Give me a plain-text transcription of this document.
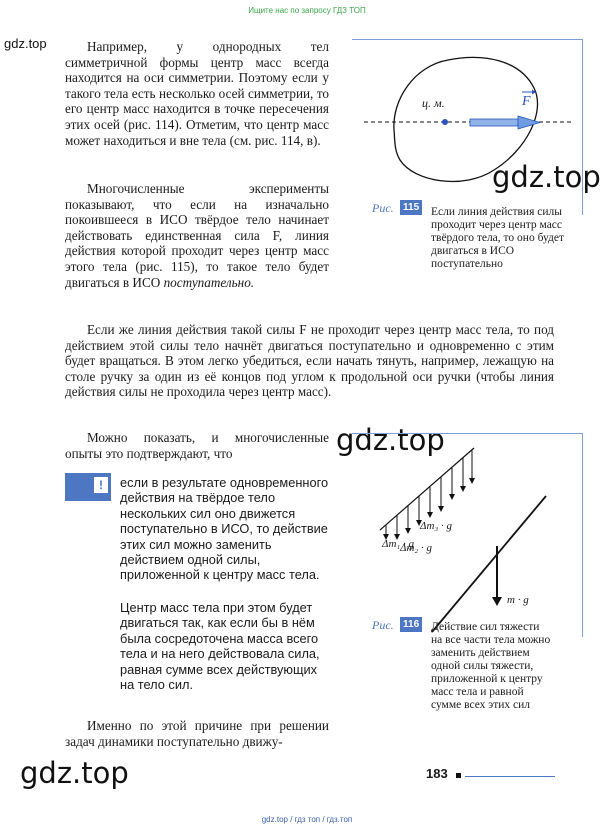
Ищите нас по запросу ГДЗ ТОП
gdz.top	Например, у однородных тел симметричной формы центр масс всегда находится на оси симметрии. Поэтому если у такого тела есть несколько осей симметрии, то его центр масс находится в точке пересечения этих осей (рис. 114). Отметим, что центр масс может находиться и вне тела (см. рис. 114, в).
Многочисленные эксперименты показывают, что если на изначально покоившееся в ИСО твёрдое тело начинает действовать единственная сила F, линия действия которой проходит через центр масс этого тела (рис. 115), то такое тело будет двигаться в ИСО поступательно.
ц. м.	F
gdz.top
Рис. 115 Если линия действия силы проходит через центр масс твёрдого тела, то оно будет двигаться в ИСО поступательно
Если же линия действия такой силы F не проходит через центр масс тела, то под действием этой силы тело начнёт двигаться поступательно и одновременно с этим будет вращаться. В этом легко убедиться, если начать тянуть, например, лежащую на столе ручку за один из её концов под углом к продольной оси ручки (чтобы линия действия силы не проходила через центр масс).
Можно показать, и многочисленные опыты это подтверждают, что
!	если в результате одновременного действия на твёрдое тело нескольких сил оно движется поступательно в ИСО, то действие этих сил можно заменить действием одной силы, приложенной к центру масс тела.
Центр масс тела при этом будет двигаться так, как если бы в нём была сосредоточена масса всего тела и на него действовала сила, равная сумме всех действующих на тело сил.
gdz.top
Δm₁ · g
Δm₂ · g
Δm₃ · g
m · g
Рис. 116 Действие сил тяжести на все части тела можно заменить действием одной силы тяжести, приложенной к центру масс тела и равной сумме всех этих сил
Именно по этой причине при решении задач динамики поступательно движу-
gdz.top	183
gdz.top / гдз топ / гдз.топ
